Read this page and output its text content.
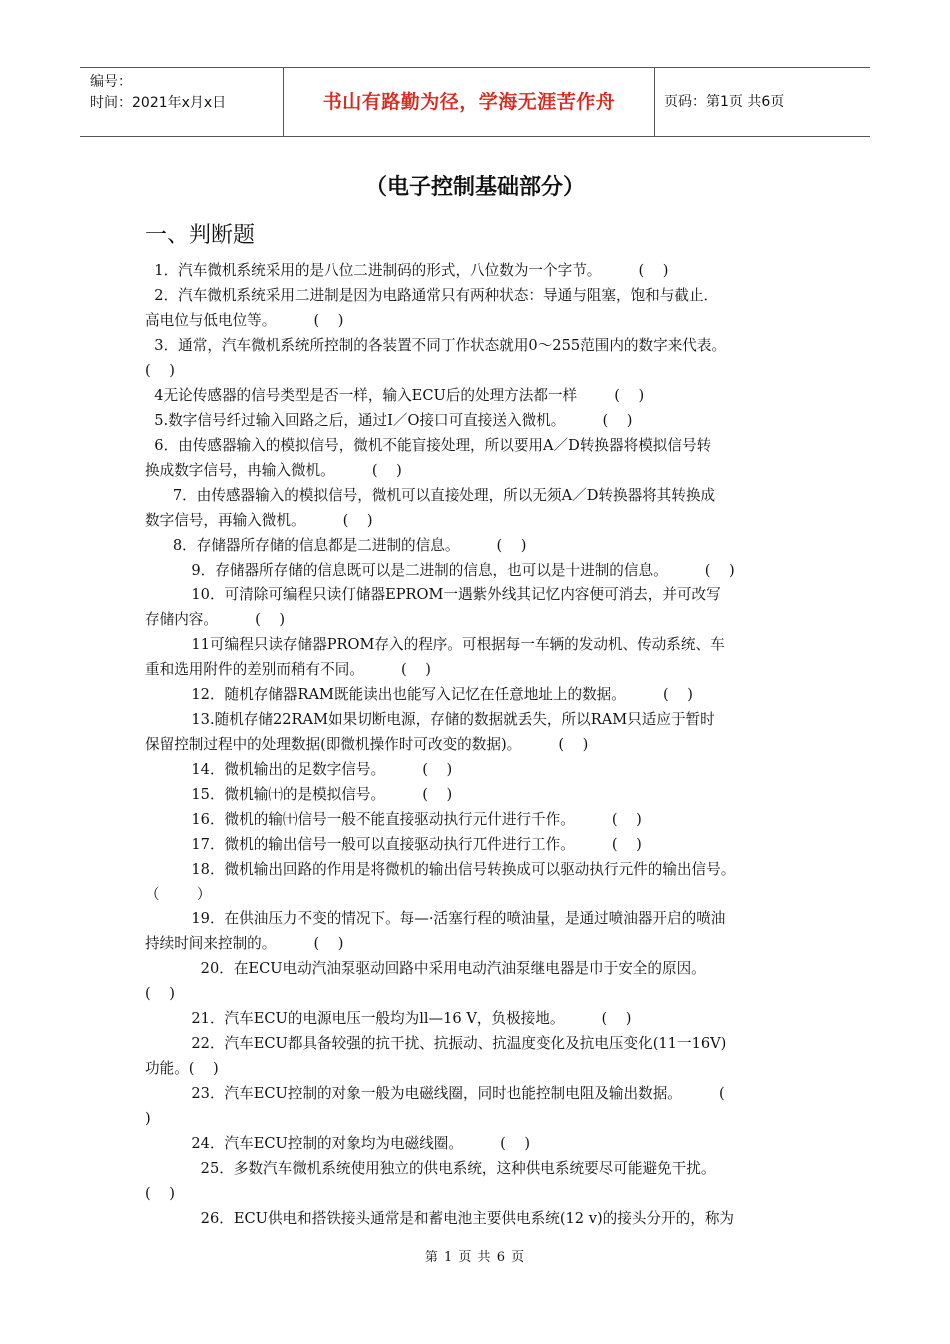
编号：
时间：2021年x月x日	书山有路勤为径，学海无涯苦作舟	页码：第1页 共6页
（电子控制基础部分）
一、判断题
1．汽车微机系统采用的是八位二进制码的形式，八位数为一个字节。        (    )
2．汽车微机系统采用二进制是因为电路通常只有两种状态：导通与阻塞，饱和与截止．
高电位与低电位等。        (    )
3．通常，汽车微机系统所控制的各装置不同丁作状态就用0～255范围内的数字来代表。
(    )
4无论传感器的信号类型是否一样，输入ECU后的处理方法都一样        (    )
5.数字信号纤过输入回路之后，通过I／O接口可直接送入微机。        (    )
6．由传感器输入的模拟信号，微机不能盲接处理，所以要用A／D转换器将模拟信号转
换成数字信号，冉输入微机。        (    )
7．由传感器输入的模拟信号，微机可以直接处理，所以无须A／D转换器将其转换成
数字信号，再输入微机。        (    )
8．存储器所存储的信息都是二进制的信息。        (    )
9．存储器所存储的信息既可以是二进制的信息，也可以是十进制的信息。        (    )
10．可清除可编程只读仃储器EPROM一遇紫外线其记忆内容便可消去，并可改写
存储内容。        (    )
11可编程只读存储器PROM存入的程序。可根据每一车辆的发动机、传动系统、车
重和选用附件的差别而稍有不同。        (    )
12．随机存储器RAM既能读出也能写入记忆在任意地址上的数据。        (    )
13.随机存储22RAM如果切断电源，存储的数据就丢失，所以RAM只适应于暂时
保留控制过程中的处理数据(即微机操作时可改变的数据)。        (    )
14．微机输出的足数字信号。        (    )
15．微机输㈩的是模拟信号。        (    )
16．微机的输㈩信号一般不能直接驱动执行元什进行千作。        (    )
17．微机的输出信号一般可以直接驱动执行兀件进行工作。        (    )
18．微机输出回路的作用是将微机的输出信号转换成可以驱动执行元件的输出信号。
（        ）
19．在供油压力不变的情况下。每—·活塞行程的喷油量，是通过喷油器开启的喷油
持续时间来控制的。        (    )
20．在ECU电动汽油泵驱动回路中采用电动汽油泵继电器是巾于安全的原因。
(    )
21．汽车ECU的电源电压一般均为ll—16 V，负极接地。        (    )
22．汽车ECU都具备较强的抗干扰、抗振动、抗温度变化及抗电压变化(11一16V)
功能。(    )
23．汽车ECU控制的对象一般为电磁线圈，同时也能控制电阻及输出数据。        (
)
24．汽车ECU控制的对象均为电磁线圈。        (    )
25．多数汽车微机系统使用独立的供电系统，这种供电系统要尽可能避免干扰。
(    )
26．ECU供电和搭铁接头通常是和蓄电池主要供电系统(12 v)的接头分开的，称为
第 1 页 共 6 页
